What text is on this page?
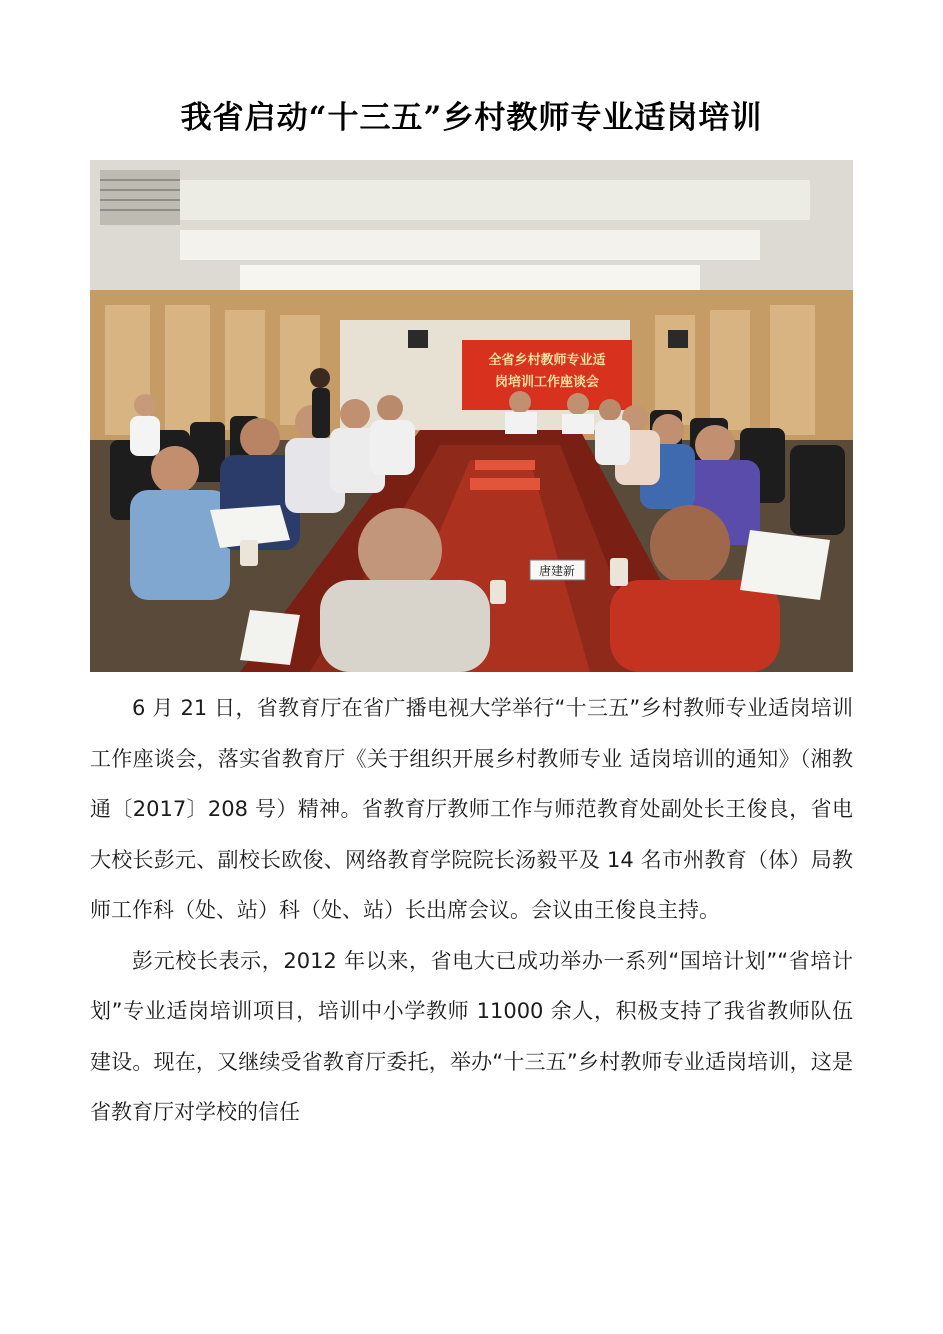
我省启动“十三五”乡村教师专业适岗培训
全省乡村教师专业适
岗培训工作座谈会
唐建新

6 月 21 日，省教育厅在省广播电视大学举行“十三五”乡村教师专业适岗培训工作座谈会，落实省教育厅《关于组织开展乡村教师专业 适岗培训的通知》（湘教通〔2017〕208 号）精神。省教育厅教师工作与师范教育处副处长王俊良，省电大校长彭元、副校长欧俊、网络教育学院院长汤毅平及 14 名市州教育（体）局教师工作科（处、站）科（处、站）长出席会议。会议由王俊良主持。

彭元校长表示，2012 年以来，省电大已成功举办一系列“国培计划”“省培计划”专业适岗培训项目，培训中小学教师 11000 余人，积极支持了我省教师队伍建设。现在，又继续受省教育厅委托，举办“十三五”乡村教师专业适岗培训，这是省教育厅对学校的信任
